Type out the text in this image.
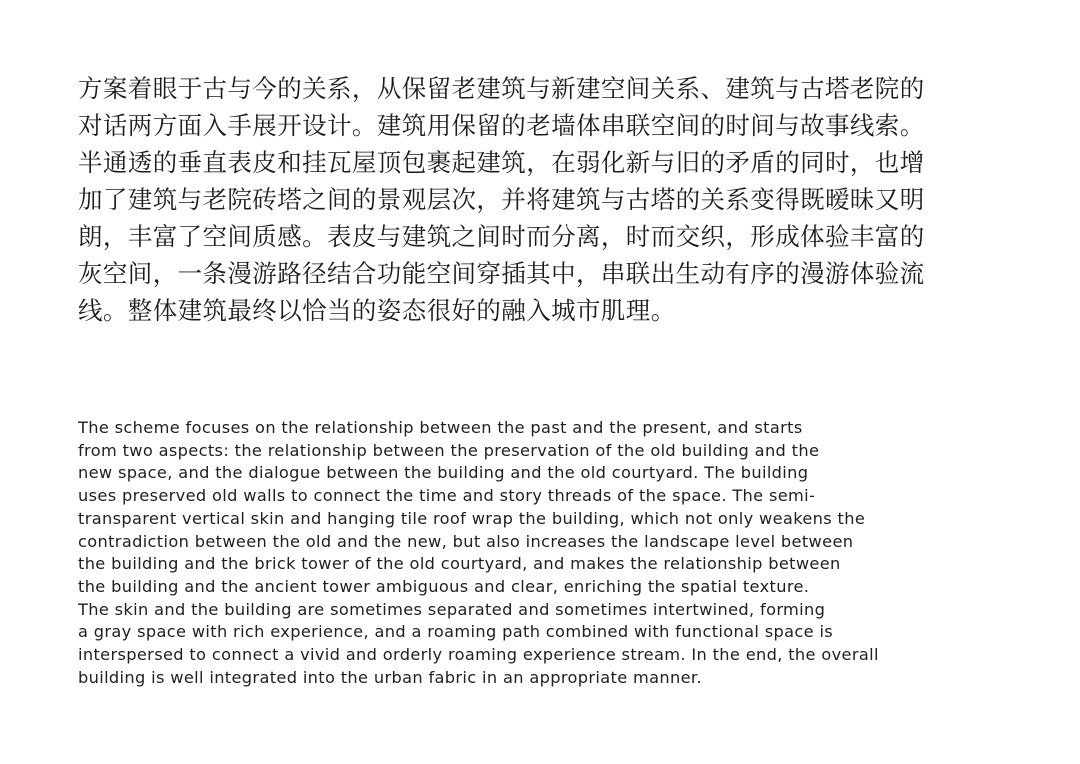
方案着眼于古与今的关系，从保留老建筑与新建空间关系、建筑与古塔老院的
对话两方面入手展开设计。建筑用保留的老墙体串联空间的时间与故事线索。
半通透的垂直表皮和挂瓦屋顶包裹起建筑，在弱化新与旧的矛盾的同时，也增
加了建筑与老院砖塔之间的景观层次，并将建筑与古塔的关系变得既暧昧又明
朗，丰富了空间质感。表皮与建筑之间时而分离，时而交织，形成体验丰富的
灰空间，一条漫游路径结合功能空间穿插其中，串联出生动有序的漫游体验流
线。整体建筑最终以恰当的姿态很好的融入城市肌理。
The scheme focuses on the relationship between the past and the present, and starts
from two aspects: the relationship between the preservation of the old building and the
new space, and the dialogue between the building and the old courtyard. The building
uses preserved old walls to connect the time and story threads of the space. The semi-
transparent vertical skin and hanging tile roof wrap the building, which not only weakens the
contradiction between the old and the new, but also increases the landscape level between
the building and the brick tower of the old courtyard, and makes the relationship between
the building and the ancient tower ambiguous and clear, enriching the spatial texture.
The skin and the building are sometimes separated and sometimes intertwined, forming
a gray space with rich experience, and a roaming path combined with functional space is
interspersed to connect a vivid and orderly roaming experience stream. In the end, the overall
building is well integrated into the urban fabric in an appropriate manner.
